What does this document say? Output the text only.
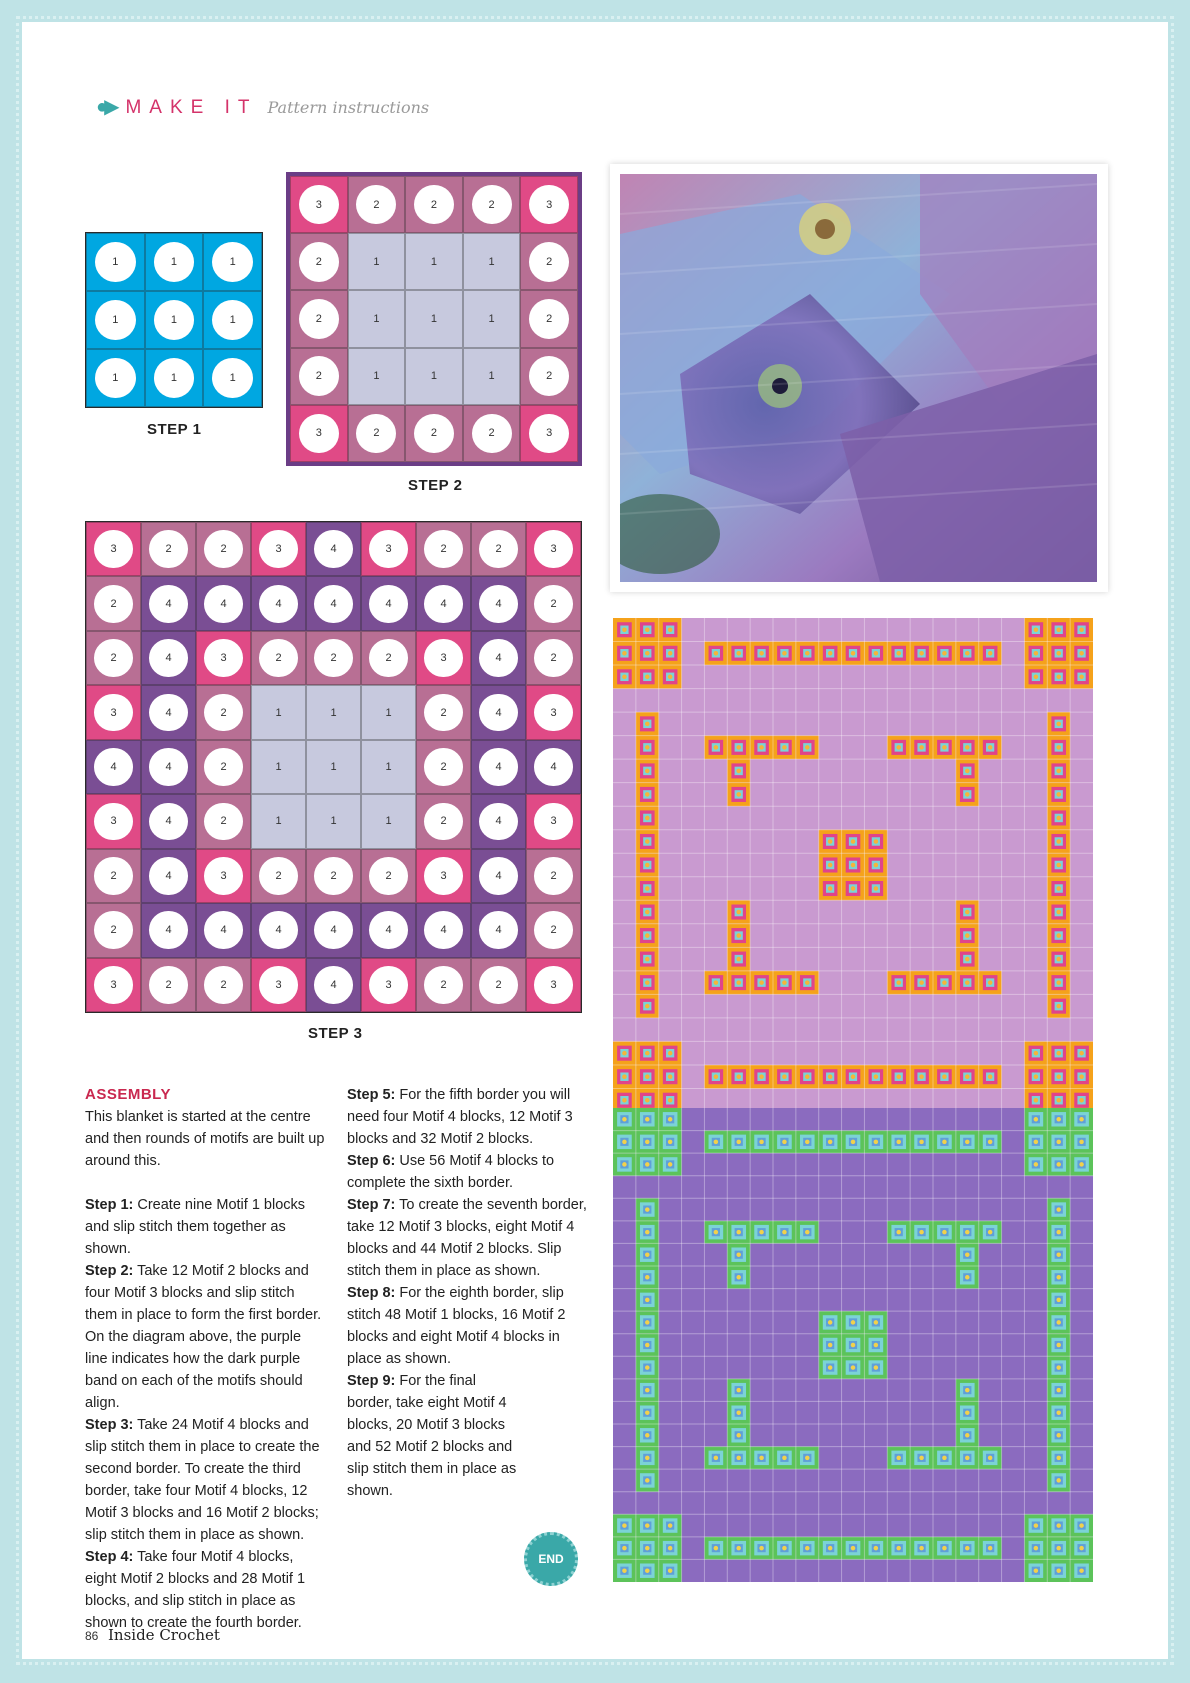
●▶ MAKE IT Pattern instructions
1	1	1
1	1	1
1	1	1
STEP 1
3	2	2	2	3
2	1	1	1	2
2	1	1	1	2
2	1	1	1	2
3	2	2	2	3
STEP 2
3	2	2	3	4	3	2	2	3
2	4	4	4	4	4	4	4	2
2	4	3	2	2	2	3	4	2
3	4	2	1	1	1	2	4	3
4	4	2	1	1	1	2	4	4
3	4	2	1	1	1	2	4	3
2	4	3	2	2	2	3	4	2
2	4	4	4	4	4	4	4	2
3	2	2	3	4	3	2	2	3
STEP 3
ASSEMBLY

This blanket is started at the centre and then rounds of motifs are built up around this.

Step 1: Create nine Motif 1 blocks and slip stitch them together as shown.

Step 2: Take 12 Motif 2 blocks and four Motif 3 blocks and slip stitch them in place to form the first border. On the diagram above, the purple line indicates how the dark purple band on each of the motifs should align.

Step 3: Take 24 Motif 4 blocks and slip stitch them in place to create the second border. To create the third border, take four Motif 4 blocks, 12 Motif 3 blocks and 16 Motif 2 blocks; slip stitch them in place as shown.

Step 4: Take four Motif 4 blocks, eight Motif 2 blocks and 28 Motif 1 blocks, and slip stitch in place as shown to create the fourth border.

Step 5: For the fifth border you will need four Motif 4 blocks, 12 Motif 3 blocks and 32 Motif 2 blocks.

Step 6: Use 56 Motif 4 blocks to complete the sixth border.

Step 7: To create the seventh border, take 12 Motif 3 blocks, eight Motif 4 blocks and 44 Motif 2 blocks. Slip stitch them in place as shown.

Step 8: For the eighth border, slip stitch 48 Motif 1 blocks, 16 Motif 2 blocks and eight Motif 4 blocks in place as shown.

Step 9: For the final border, take eight Motif 4 blocks, 20 Motif 3 blocks and 52 Motif 2 blocks and slip stitch them in place as shown.

END
86 Inside Crochet
